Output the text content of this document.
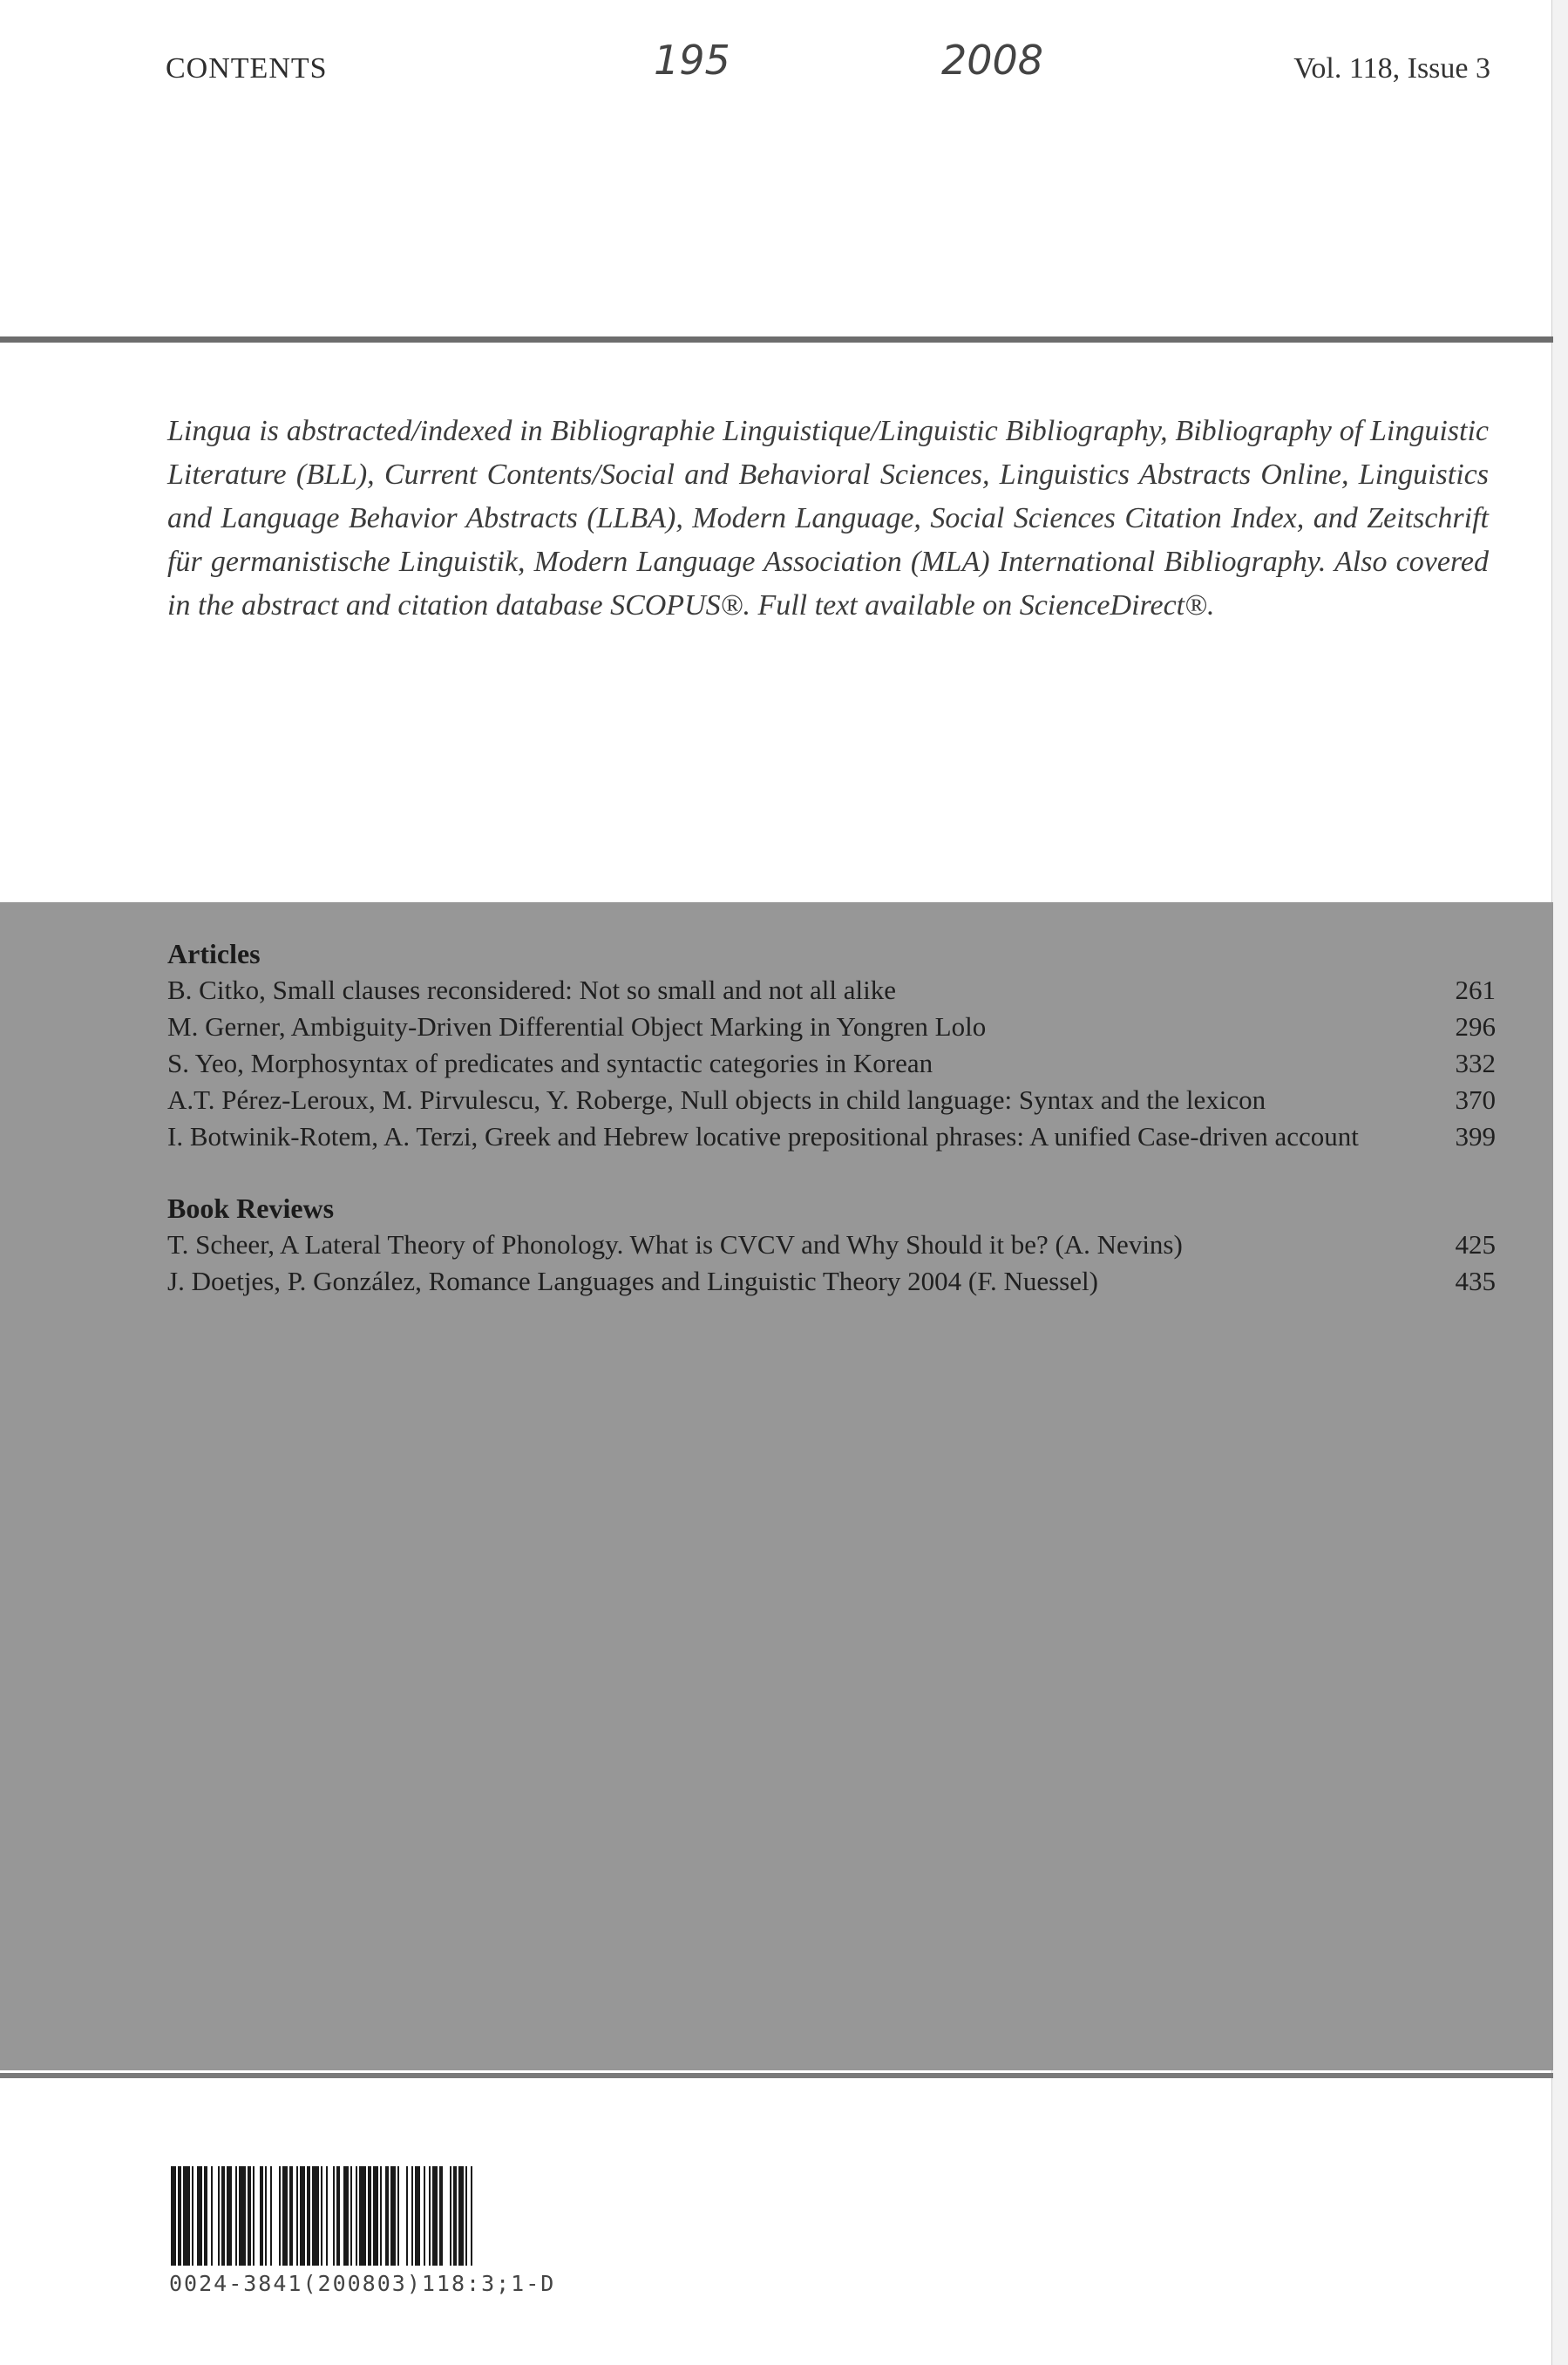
CONTENTS	195	2008	Vol. 118, Issue 3
Lingua is abstracted/indexed in Bibliographie Linguistique/Linguistic Bibliography, Bibliography of Linguistic Literature (BLL), Current Contents/Social and Behavioral Sciences, Linguistics Abstracts Online, Linguistics and Language Behavior Abstracts (LLBA), Modern Language, Social Sciences Citation Index, and Zeitschrift für germanistische Linguistik, Modern Language Association (MLA) International Bibliography. Also covered in the abstract and citation database SCOPUS®. Full text available on ScienceDirect®.
Articles
B. Citko, Small clauses reconsidered: Not so small and not all alike	261
M. Gerner, Ambiguity-Driven Differential Object Marking in Yongren Lolo	296
S. Yeo, Morphosyntax of predicates and syntactic categories in Korean	332
A.T. Pérez-Leroux, M. Pirvulescu, Y. Roberge, Null objects in child language: Syntax and the lexicon	370
I. Botwinik-Rotem, A. Terzi, Greek and Hebrew locative prepositional phrases: A unified Case-driven account	399
Book Reviews
T. Scheer, A Lateral Theory of Phonology. What is CVCV and Why Should it be? (A. Nevins)	425
J. Doetjes, P. González, Romance Languages and Linguistic Theory 2004 (F. Nuessel)	435
0024-3841(200803)118:3;1-D
